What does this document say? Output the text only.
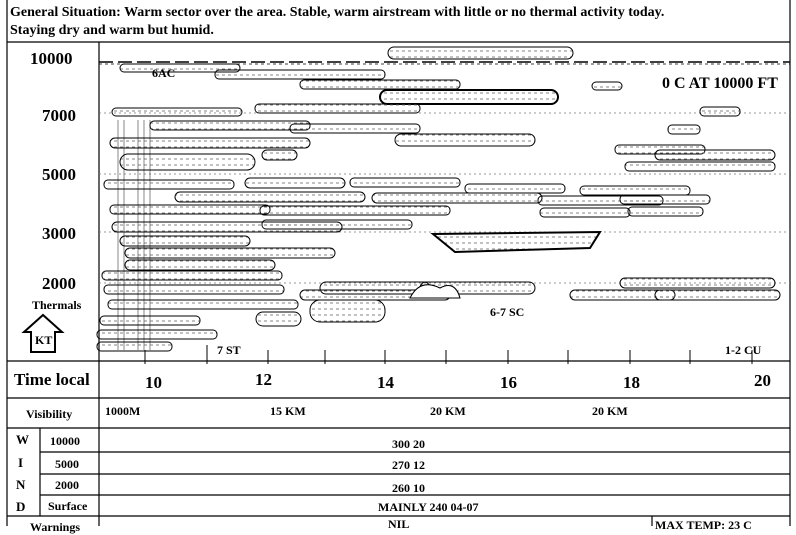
General Situation: Warm sector over the area. Stable, warm airstream with little or no thermal activity today.
Staying dry and warm but humid.
10000
7000
5000
3000
2000
0 C AT 10000 FT
6AC
6-7 SC
7 ST	1-2 CU
Thermals
KT
Time local	10	12	14	16	18	20
Visibility	1000M	15 KM	20 KM	20 KM
W
I
N
D
10000	300 20
5000	270 12
2000	260 10
Surface	MAINLY 240 04-07
Warnings	NIL	MAX TEMP: 23 C
